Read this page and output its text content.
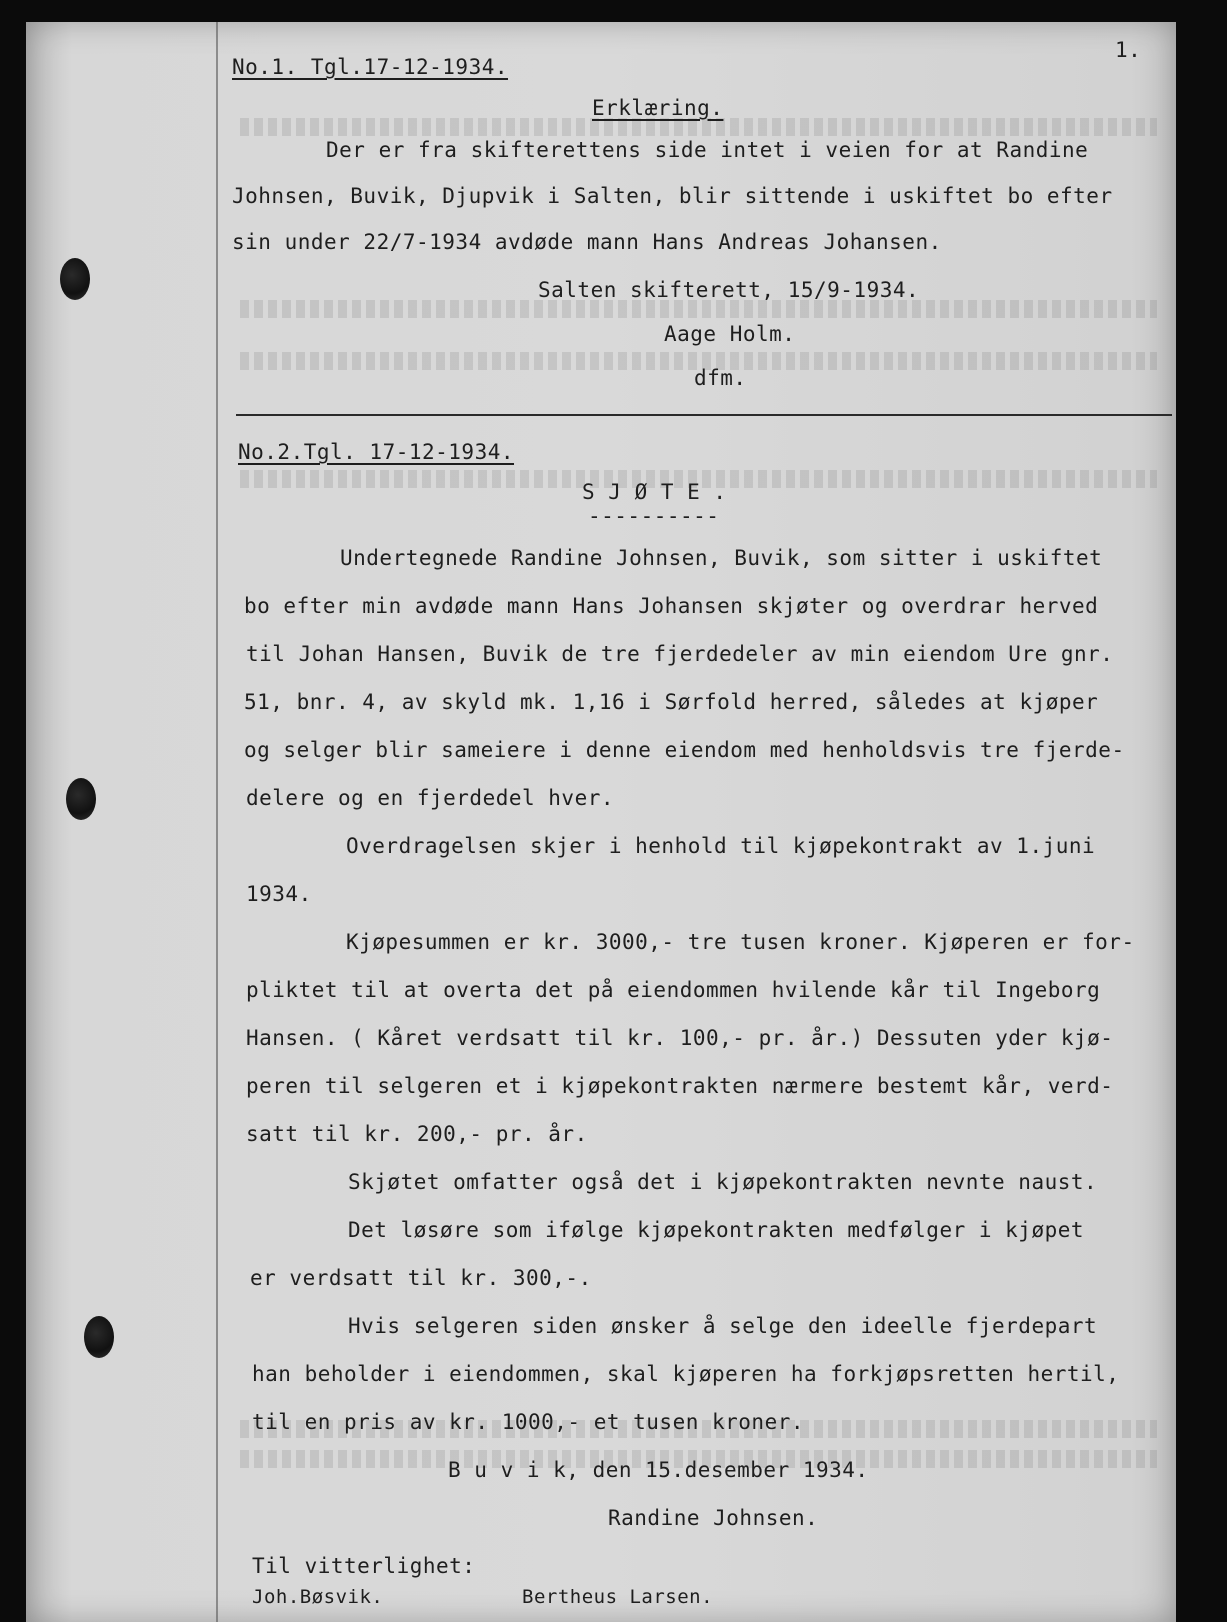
1.
No.1. Tgl.17-12-1934.
Erklæring.
Der er fra skifterettens side intet i veien for at Randine
Johnsen, Buvik, Djupvik i Salten, blir sittende i uskiftet bo efter
sin under 22/7-1934 avdøde mann Hans Andreas Johansen.
Salten skifterett, 15/9-1934.
Aage Holm.
dfm.
No.2.Tgl. 17-12-1934.
S J Ø T E .
----------
Undertegnede Randine Johnsen, Buvik, som sitter i uskiftet
bo efter min avdøde mann Hans Johansen skjøter og overdrar herved
til Johan Hansen, Buvik de tre fjerdedeler av min eiendom Ure gnr.
51, bnr. 4, av skyld mk. 1,16 i Sørfold herred, således at kjøper
og selger blir sameiere i denne eiendom med henholdsvis tre fjerde-
delere og en fjerdedel hver.
Overdragelsen skjer i henhold til kjøpekontrakt av 1.juni
1934.
Kjøpesummen er kr. 3000,- tre tusen kroner. Kjøperen er for-
pliktet til at overta det på eiendommen hvilende kår til Ingeborg
Hansen. ( Kåret verdsatt til kr. 100,- pr. år.) Dessuten yder kjø-
peren til selgeren et i kjøpekontrakten nærmere bestemt kår, verd-
satt til kr. 200,- pr. år.
Skjøtet omfatter også det i kjøpekontrakten nevnte naust.
Det løsøre som ifølge kjøpekontrakten medfølger i kjøpet
er verdsatt til kr. 300,-.
Hvis selgeren siden ønsker å selge den ideelle fjerdepart
han beholder i eiendommen, skal kjøperen ha forkjøpsretten hertil,
til en pris av kr. 1000,- et tusen kroner.
B u v i k, den 15.desember 1934.
Randine Johnsen.
Til vitterlighet:
Joh.Bøsvik.	Bertheus Larsen.
